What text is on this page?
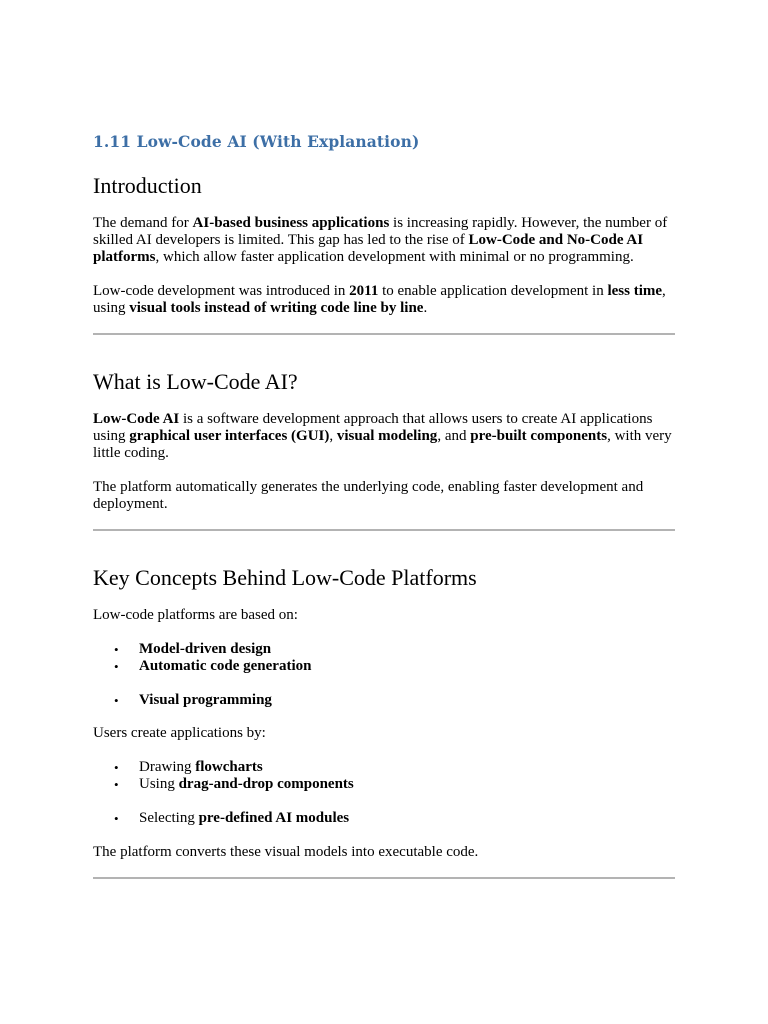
1.11 Low-Code AI (With Explanation)
Introduction

The demand for AI-based business applications is increasing rapidly. However, the number of skilled AI developers is limited. This gap has led to the rise of Low-Code and No-Code AI platforms, which allow faster application development with minimal or no programming.

Low-code development was introduced in 2011 to enable application development in less time, using visual tools instead of writing code line by line.

What is Low-Code AI?

Low-Code AI is a software development approach that allows users to create AI applications using graphical user interfaces (GUI), visual modeling, and pre-built components, with very little coding.

The platform automatically generates the underlying code, enabling faster development and deployment.

Key Concepts Behind Low-Code Platforms

Low-code platforms are based on:

• Model-driven design
• Automatic code generation
• Visual programming

Users create applications by:

• Drawing flowcharts
• Using drag-and-drop components
• Selecting pre-defined AI modules

The platform converts these visual models into executable code.
